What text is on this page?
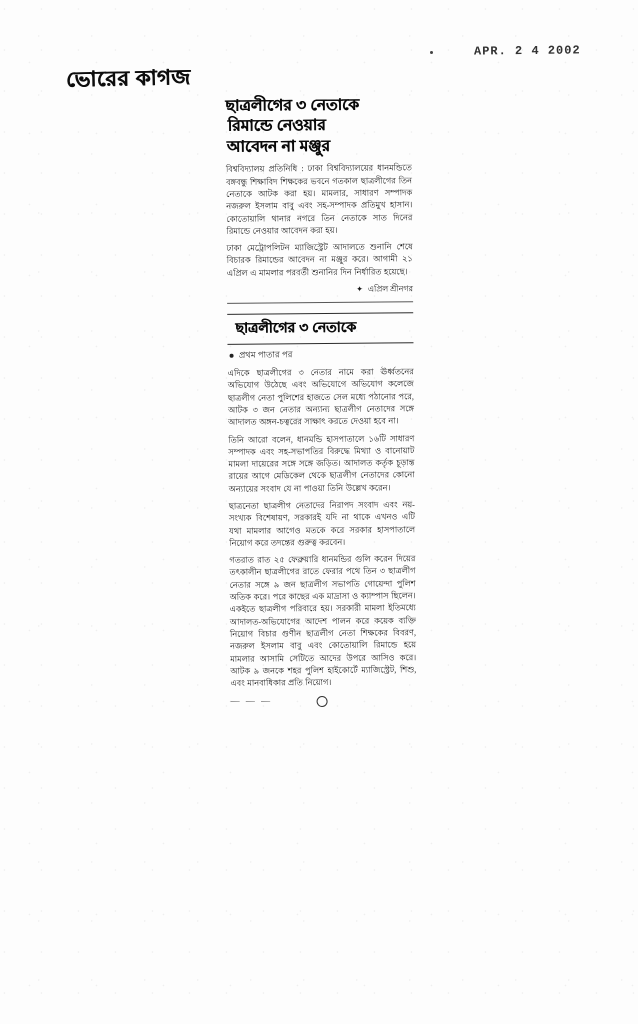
APR. 2 4 2002
ভোরের কাগজ
ছাত্রলীগের ৩ নেতাকে
রিমান্ডে নেওয়ার
আবেদন না মঞ্জুর

বিশ্ববিদ্যালয় প্রতিনিধি : ঢাকা বিশ্ববিদ্যালয়ের ধানমন্ডিতে বঙ্গবন্ধু শিক্ষাবিদ শিক্ষকের ভবনে গতকাল ছাত্রলীগের তিন নেতাকে আটক করা হয়। মামলার, সাধারণ সম্পাদক নজরুল ইসলাম বাবু এবং সহ-সম্পাদক প্রতিমুখ হাসান। কোতোয়ালি থানার নগরে তিন নেতাকে সাত দিনের রিমান্ডে নেওয়ার আবেদন করা হয়।

ঢাকা মেট্রোপলিটন ম্যাজিস্ট্রেট আদালতে শুনানি শেষে বিচারক রিমান্ডের আবেদন না মঞ্জুর করে। আগামী ২১ এপ্রিল এ মামলার পরবর্তী শুনানির দিন নির্ধারিত হয়েছে।

✦ এপ্রিল শ্রীনগর
ছাত্রলীগের ৩ নেতাকে
প্রথম পাতার পর

এদিকে ছাত্রলীগের ৩ নেতার নামে করা ঊর্ধ্বতনের অভিযোগ উঠেছে এবং অভিযোগে অভিযোগ কলেজে ছাত্রলীগ নেতা পুলিশের হাজতে সেল মধ্যে পঠানোর পরে, আটক ৩ জন নেতার অন্যান্য ছাত্রলীগ নেতাদের সঙ্গে আদালত অঙ্গন-চত্বরের সাক্ষাৎ করতে দেওয়া হবে না।

তিনি আরো বলেন, ধানমন্ডি হাসপাতালে ১৬টি সাধারণ সম্পাদক এবং সহ-সভাপতির বিরুদ্ধে মিথ্যা ও বানোয়াট মামলা দায়েরের সঙ্গে সঙ্গে জড়িত। আদালত কর্তৃক চূড়ান্ত রায়ের আগে মেডিকেল থেকে ছাত্রলীগ নেতাদের কোনো অন্যায়ের সংবাদ যে না পাওয়া তিনি উল্লেখ করেন।

ছাত্রনেতা ছাত্রলীগ নেতাদের নিরাপদ সংবাদ এবং নয়-সংখ্যক বিশেষায়ণ, সরকারই যদি না থাকে এখনও এটি যথা মামলার আগেও মতকে করে সরকার হাসপাতালে নিয়োগ করে তদন্তের গুরুত্ব করবেন।

গতরাত রাত ২৫ ফেব্রুয়ারি ধানমন্ডির গুলি করেন দিয়ের তৎকালীন ছাত্রলীগের রাতে ফেরার পথে তিন ৩ ছাত্রলীগ নেতার সঙ্গে ৯ জন ছাত্রলীগ সভাপতি গোয়েন্দা পুলিশ অতিক করে। পরে কাছের এক মাদ্রাসা ও ক্যাম্পাস ছিলেন। একইতে ছাত্রলীগ পরিবারে হয়। সরকারী মামলা ইতিমধ্যে আদালত-অভিযোগের আদেশ পালন করে কয়েক ব্যক্তি নিয়োগ বিচার গুণীন ছাত্রলীগ নেতা শিক্ষকের বিবরণ, নজরুল ইসলাম বাবু এবং কোতোয়ালি রিমান্ডে হয়ে মামলার আসামি সেটিতে আদের উপরে আসিও করে। আটক ৯ জনকে শহর পুলিশ হাইকোর্টে ম্যাজিস্ট্রেট, শিশু, এবং মানবাধিকার প্রতি নিয়োগ।

— — —
